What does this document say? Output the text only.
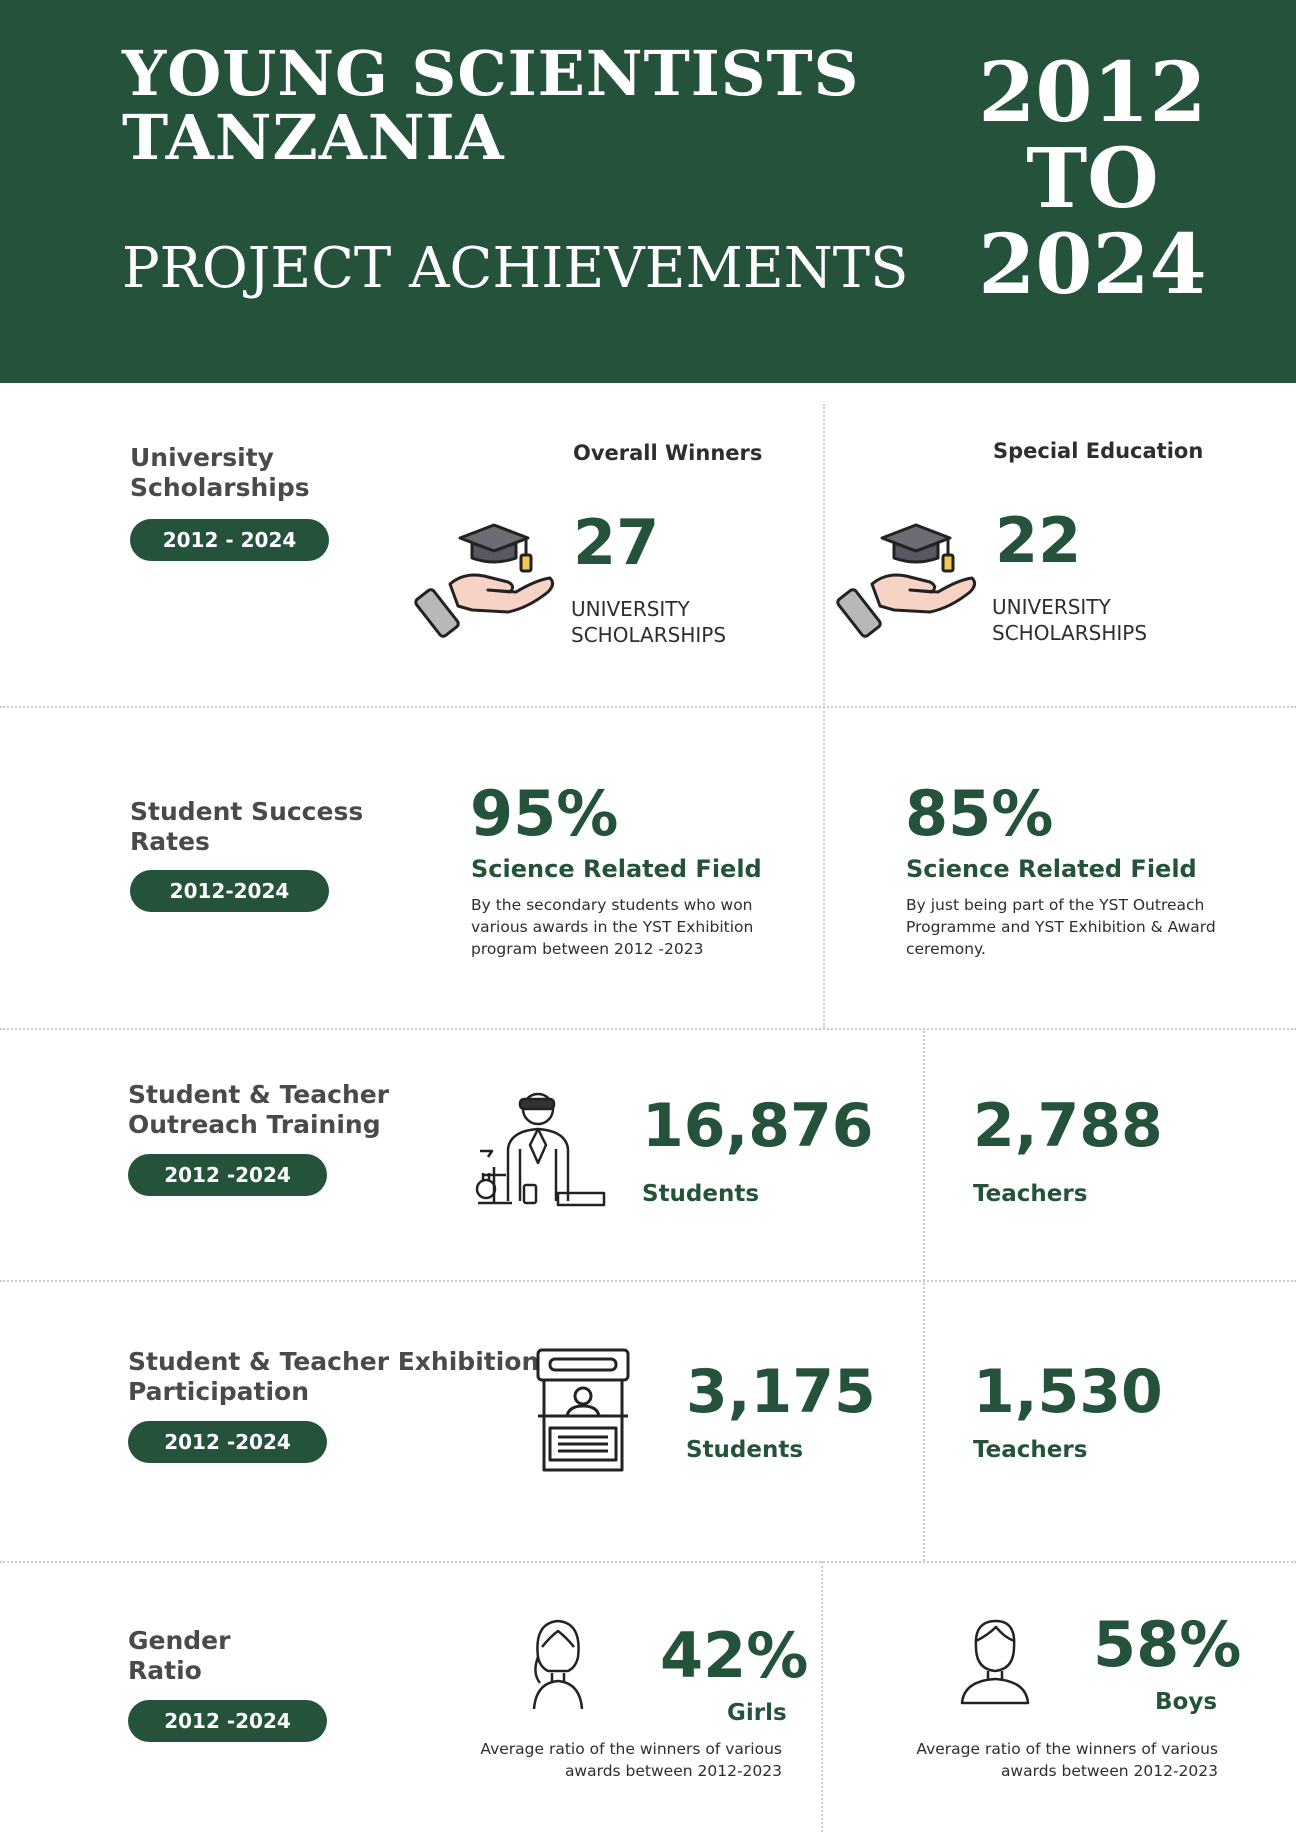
YOUNG SCIENTISTS
TANZANIA
PROJECT ACHIEVEMENTS
2012
TO
2024
University
Scholarships
2012 - 2024
Overall Winners
27
UNIVERSITY
SCHOLARSHIPS
Special Education
22
UNIVERSITY
SCHOLARSHIPS
Student Success
Rates
2012-2024
95%
Science Related Field
By the secondary students who won
various awards in the YST Exhibition
program between 2012 -2023
85%
Science Related Field
By just being part of the YST Outreach
Programme and YST Exhibition & Award
ceremony.
Student & Teacher
Outreach Training
2012 -2024
16,876
Students
2,788
Teachers
Student & Teacher Exhibition
Participation
2012 -2024
3,175
Students
1,530
Teachers
Gender
Ratio
2012 -2024
42%
Girls
Average ratio of the winners of various
awards between 2012-2023
58%
Boys
Average ratio of the winners of various
awards between 2012-2023
